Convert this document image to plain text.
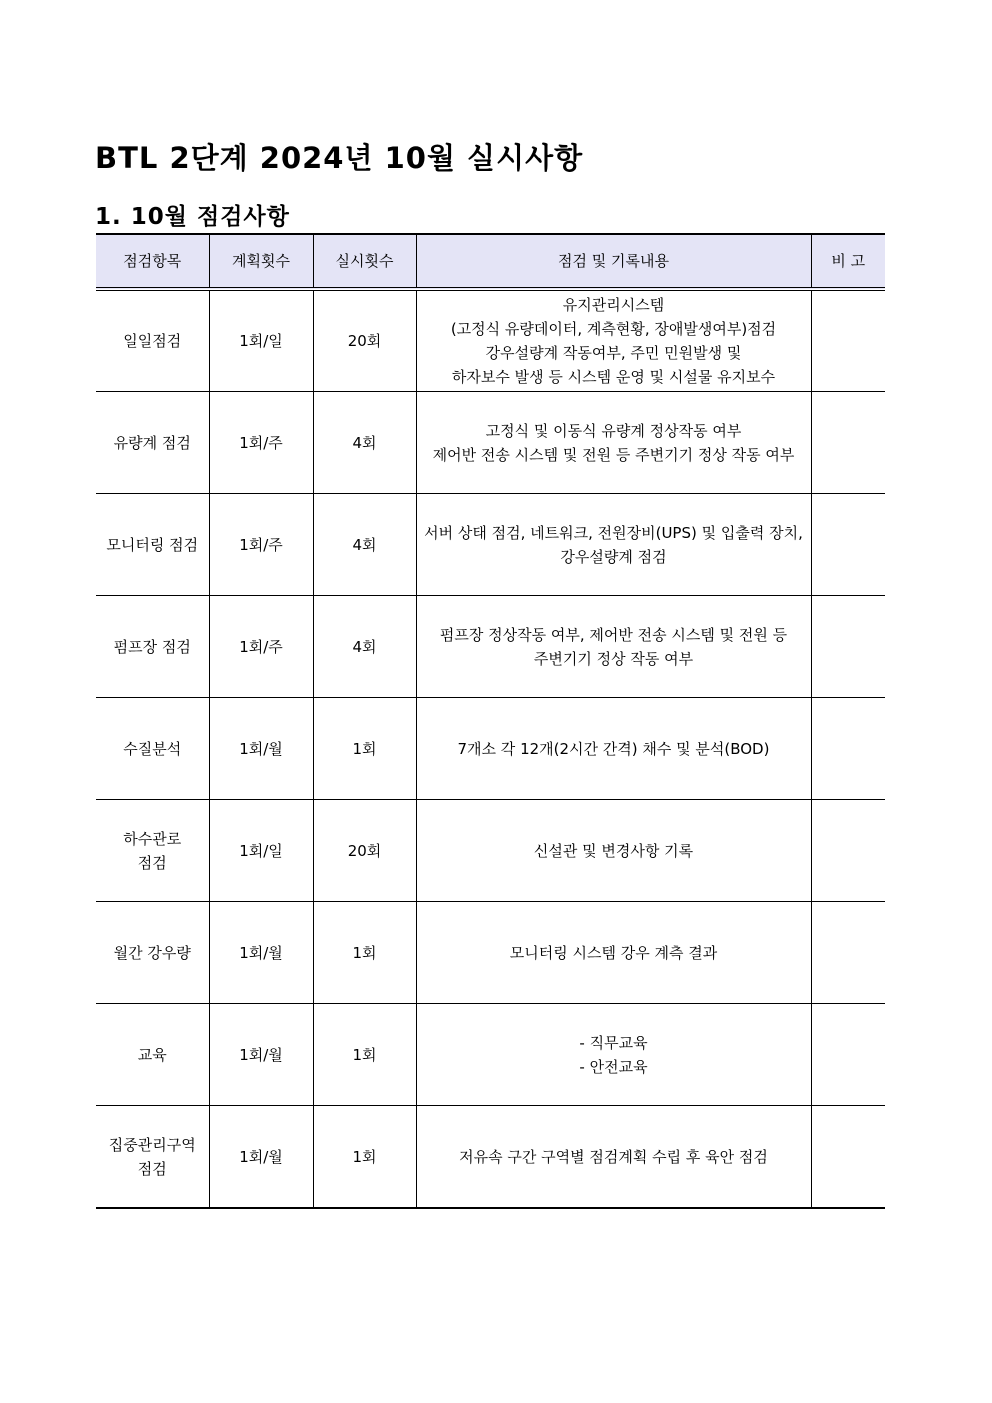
BTL 2단계 2024년 10월 실시사항
1. 10월 점검사항
점검항목	계획횟수	실시횟수	점검 및 기록내용	비 고

일일점검	1회/일	20회	유지관리시스템
(고정식 유량데이터, 계측현황, 장애발생여부)점검
강우설량계 작동여부, 주민 민원발생 및
하자보수 발생 등 시스템 운영 및 시설물 유지보수	

유량계 점검	1회/주	4회	고정식 및 이동식 유량계 정상작동 여부
제어반 전송 시스템 및 전원 등 주변기기 정상 작동 여부	

모니터링 점검	1회/주	4회	서버 상태 점검, 네트워크, 전원장비(UPS) 및 입출력 장치,
강우설량계 점검	

펌프장 점검	1회/주	4회	펌프장 정상작동 여부, 제어반 전송 시스템 및 전원 등
주변기기 정상 작동 여부	

수질분석	1회/월	1회	7개소 각 12개(2시간 간격) 채수 및 분석(BOD)	

하수관로
점검	1회/일	20회	신설관 및 변경사항 기록	

월간 강우량	1회/월	1회	모니터링 시스템 강우 계측 결과	

교육	1회/월	1회	- 직무교육
- 안전교육	

집중관리구역
점검	1회/월	1회	저유속 구간 구역별 점검계획 수립 후 육안 점검	
